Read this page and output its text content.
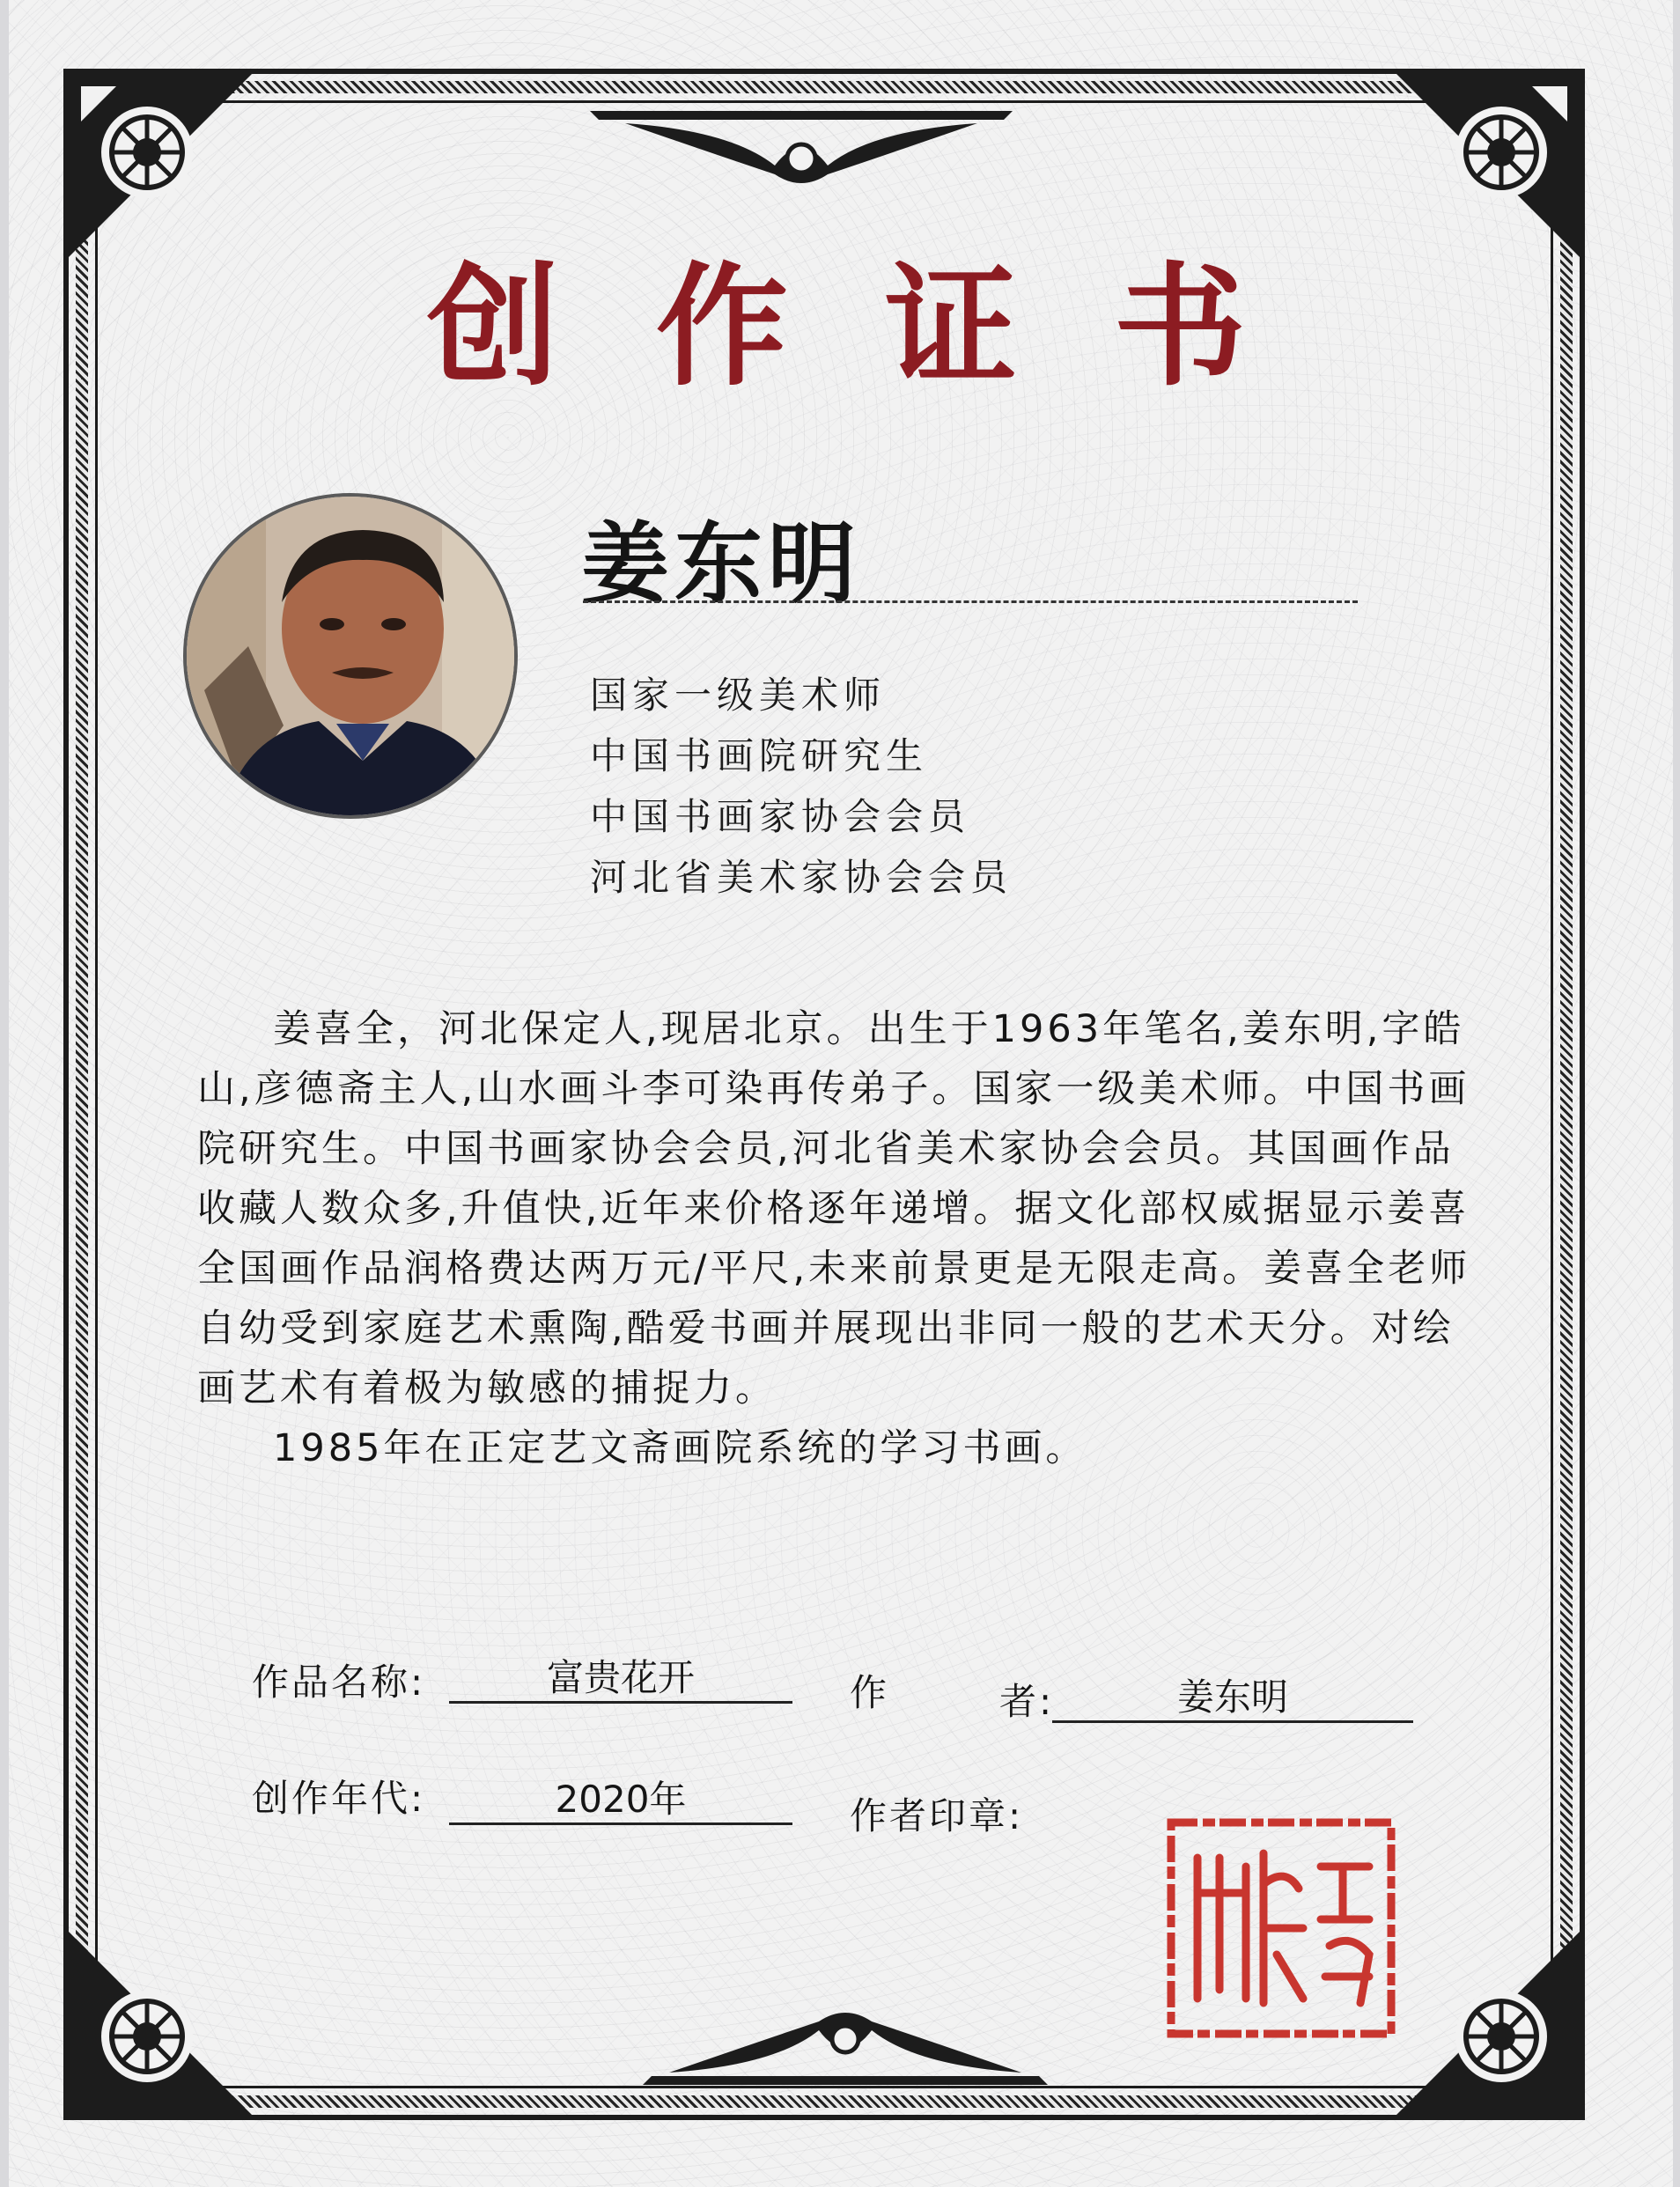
创作证书
姜东明
国家一级美术师
中国书画院研究生
中国书画家协会会员
河北省美术家协会会员

姜喜全，河北保定人,现居北京。出生于1963年笔名,姜东明,字皓山,彦德斋主人,山水画斗李可染再传弟子。国家一级美术师。中国书画院研究生。中国书画家协会会员,河北省美术家协会会员。其国画作品收藏人数众多,升值快,近年来价格逐年递增。据文化部权威据显示姜喜全国画作品润格费达两万元/平尺,未来前景更是无限走高。姜喜全老师自幼受到家庭艺术熏陶,酷爱书画并展现出非同一般的艺术天分。对绘画艺术有着极为敏感的捕捉力。

1985年在正定艺文斋画院系统的学习书画。

作品名称:	富贵花开	作	者:	姜东明
创作年代:	2020年	作者印章:
